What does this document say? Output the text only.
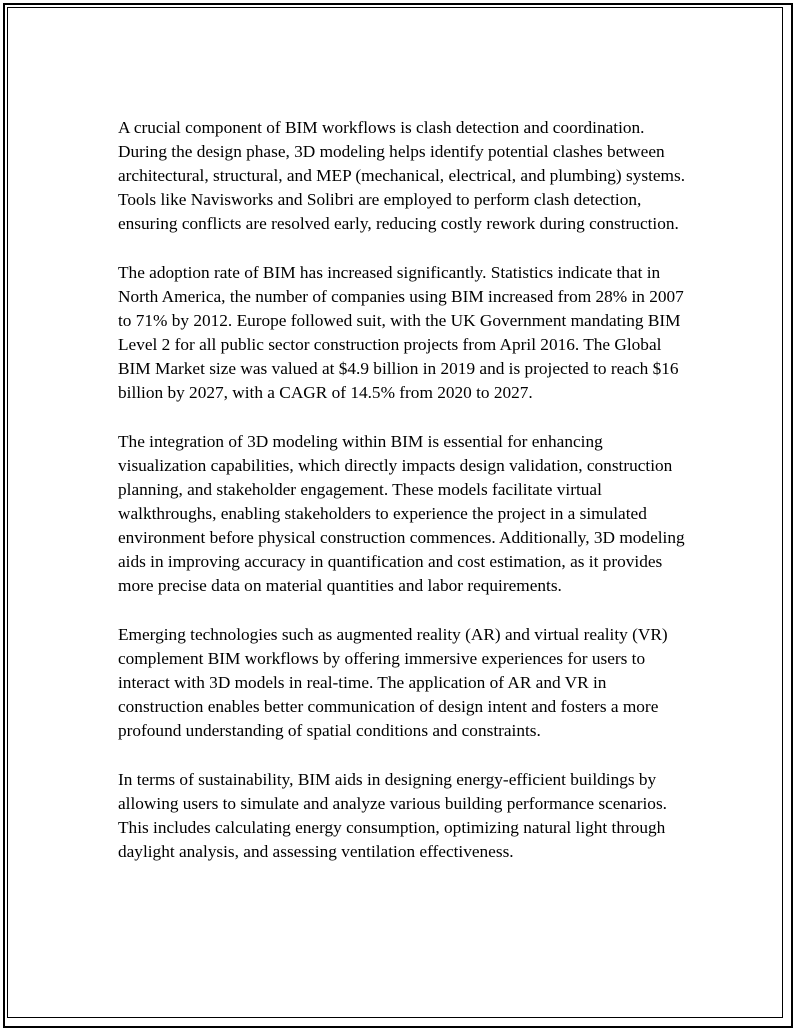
A crucial component of BIM workflows is clash detection and coordination. During the design phase, 3D modeling helps identify potential clashes between architectural, structural, and MEP (mechanical, electrical, and plumbing) systems. Tools like Navisworks and Solibri are employed to perform clash detection, ensuring conflicts are resolved early, reducing costly rework during construction.

The adoption rate of BIM has increased significantly. Statistics indicate that in North America, the number of companies using BIM increased from 28% in 2007 to 71% by 2012. Europe followed suit, with the UK Government mandating BIM Level 2 for all public sector construction projects from April 2016. The Global BIM Market size was valued at $4.9 billion in 2019 and is projected to reach $16 billion by 2027, with a CAGR of 14.5% from 2020 to 2027.

The integration of 3D modeling within BIM is essential for enhancing visualization capabilities, which directly impacts design validation, construction planning, and stakeholder engagement. These models facilitate virtual walkthroughs, enabling stakeholders to experience the project in a simulated environment before physical construction commences. Additionally, 3D modeling aids in improving accuracy in quantification and cost estimation, as it provides more precise data on material quantities and labor requirements.

Emerging technologies such as augmented reality (AR) and virtual reality (VR) complement BIM workflows by offering immersive experiences for users to interact with 3D models in real-time. The application of AR and VR in construction enables better communication of design intent and fosters a more profound understanding of spatial conditions and constraints.

In terms of sustainability, BIM aids in designing energy-efficient buildings by allowing users to simulate and analyze various building performance scenarios. This includes calculating energy consumption, optimizing natural light through daylight analysis, and assessing ventilation effectiveness.
